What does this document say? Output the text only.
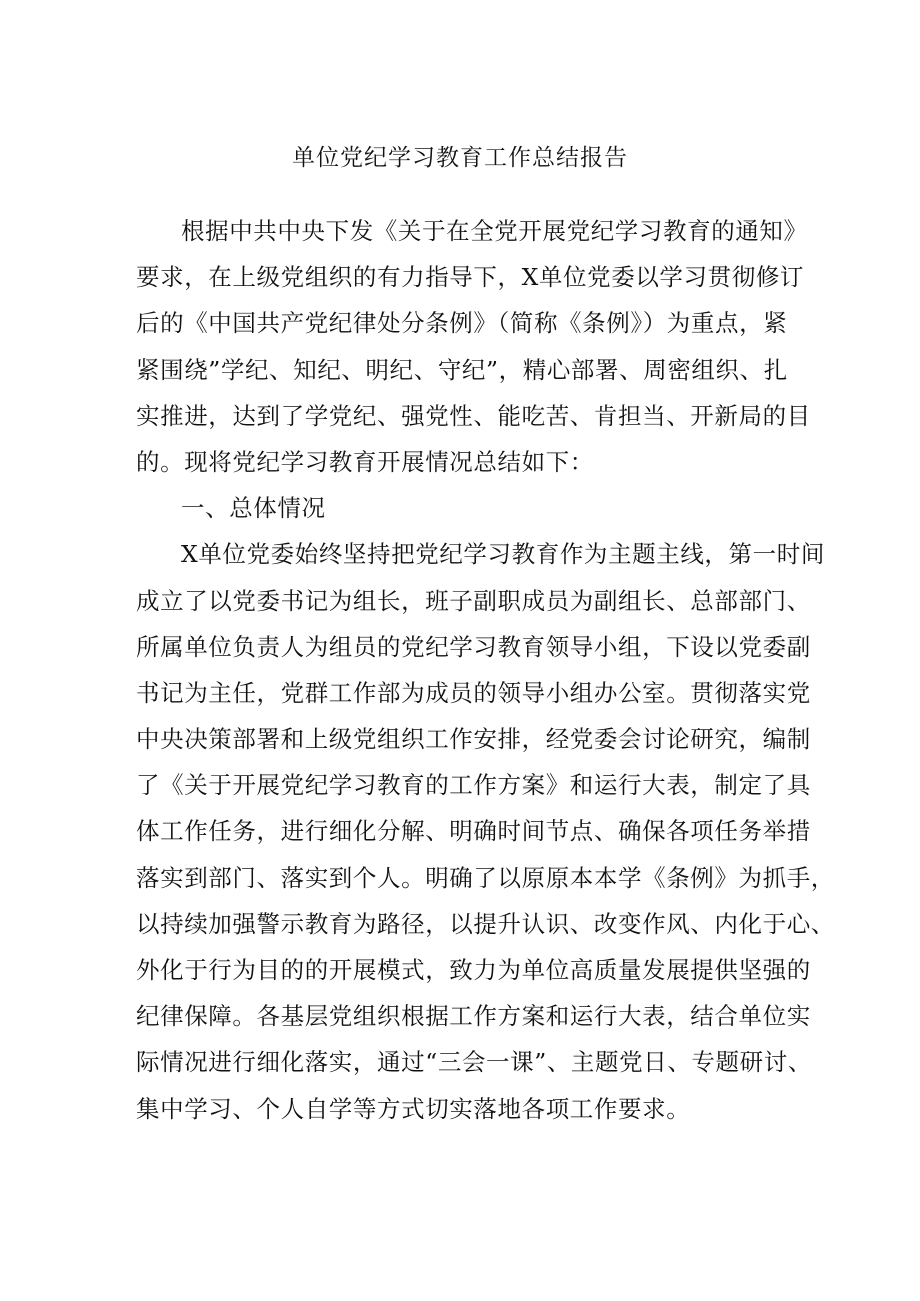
单位党纪学习教育工作总结报告
根据中共中央下发《关于在全党开展党纪学习教育的通知》
要求，在上级党组织的有力指导下，X单位党委以学习贯彻修订
后的《中国共产党纪律处分条例》（简称《条例》）为重点，紧
紧围绕”学纪、知纪、明纪、守纪”，精心部署、周密组织、扎
实推进，达到了学党纪、强党性、能吃苦、肯担当、开新局的目
的。现将党纪学习教育开展情况总结如下：
一、总体情况
X单位党委始终坚持把党纪学习教育作为主题主线，第一时间
成立了以党委书记为组长，班子副职成员为副组长、总部部门、
所属单位负责人为组员的党纪学习教育领导小组，下设以党委副
书记为主任，党群工作部为成员的领导小组办公室。贯彻落实党
中央决策部署和上级党组织工作安排，经党委会讨论研究，编制
了《关于开展党纪学习教育的工作方案》和运行大表，制定了具
体工作任务，进行细化分解、明确时间节点、确保各项任务举措
落实到部门、落实到个人。明确了以原原本本学《条例》为抓手，
以持续加强警示教育为路径，以提升认识、改变作风、内化于心、
外化于行为目的的开展模式，致力为单位高质量发展提供坚强的
纪律保障。各基层党组织根据工作方案和运行大表，结合单位实
际情况进行细化落实，通过“三会一课”、主题党日、专题研讨、
集中学习、个人自学等方式切实落地各项工作要求。
